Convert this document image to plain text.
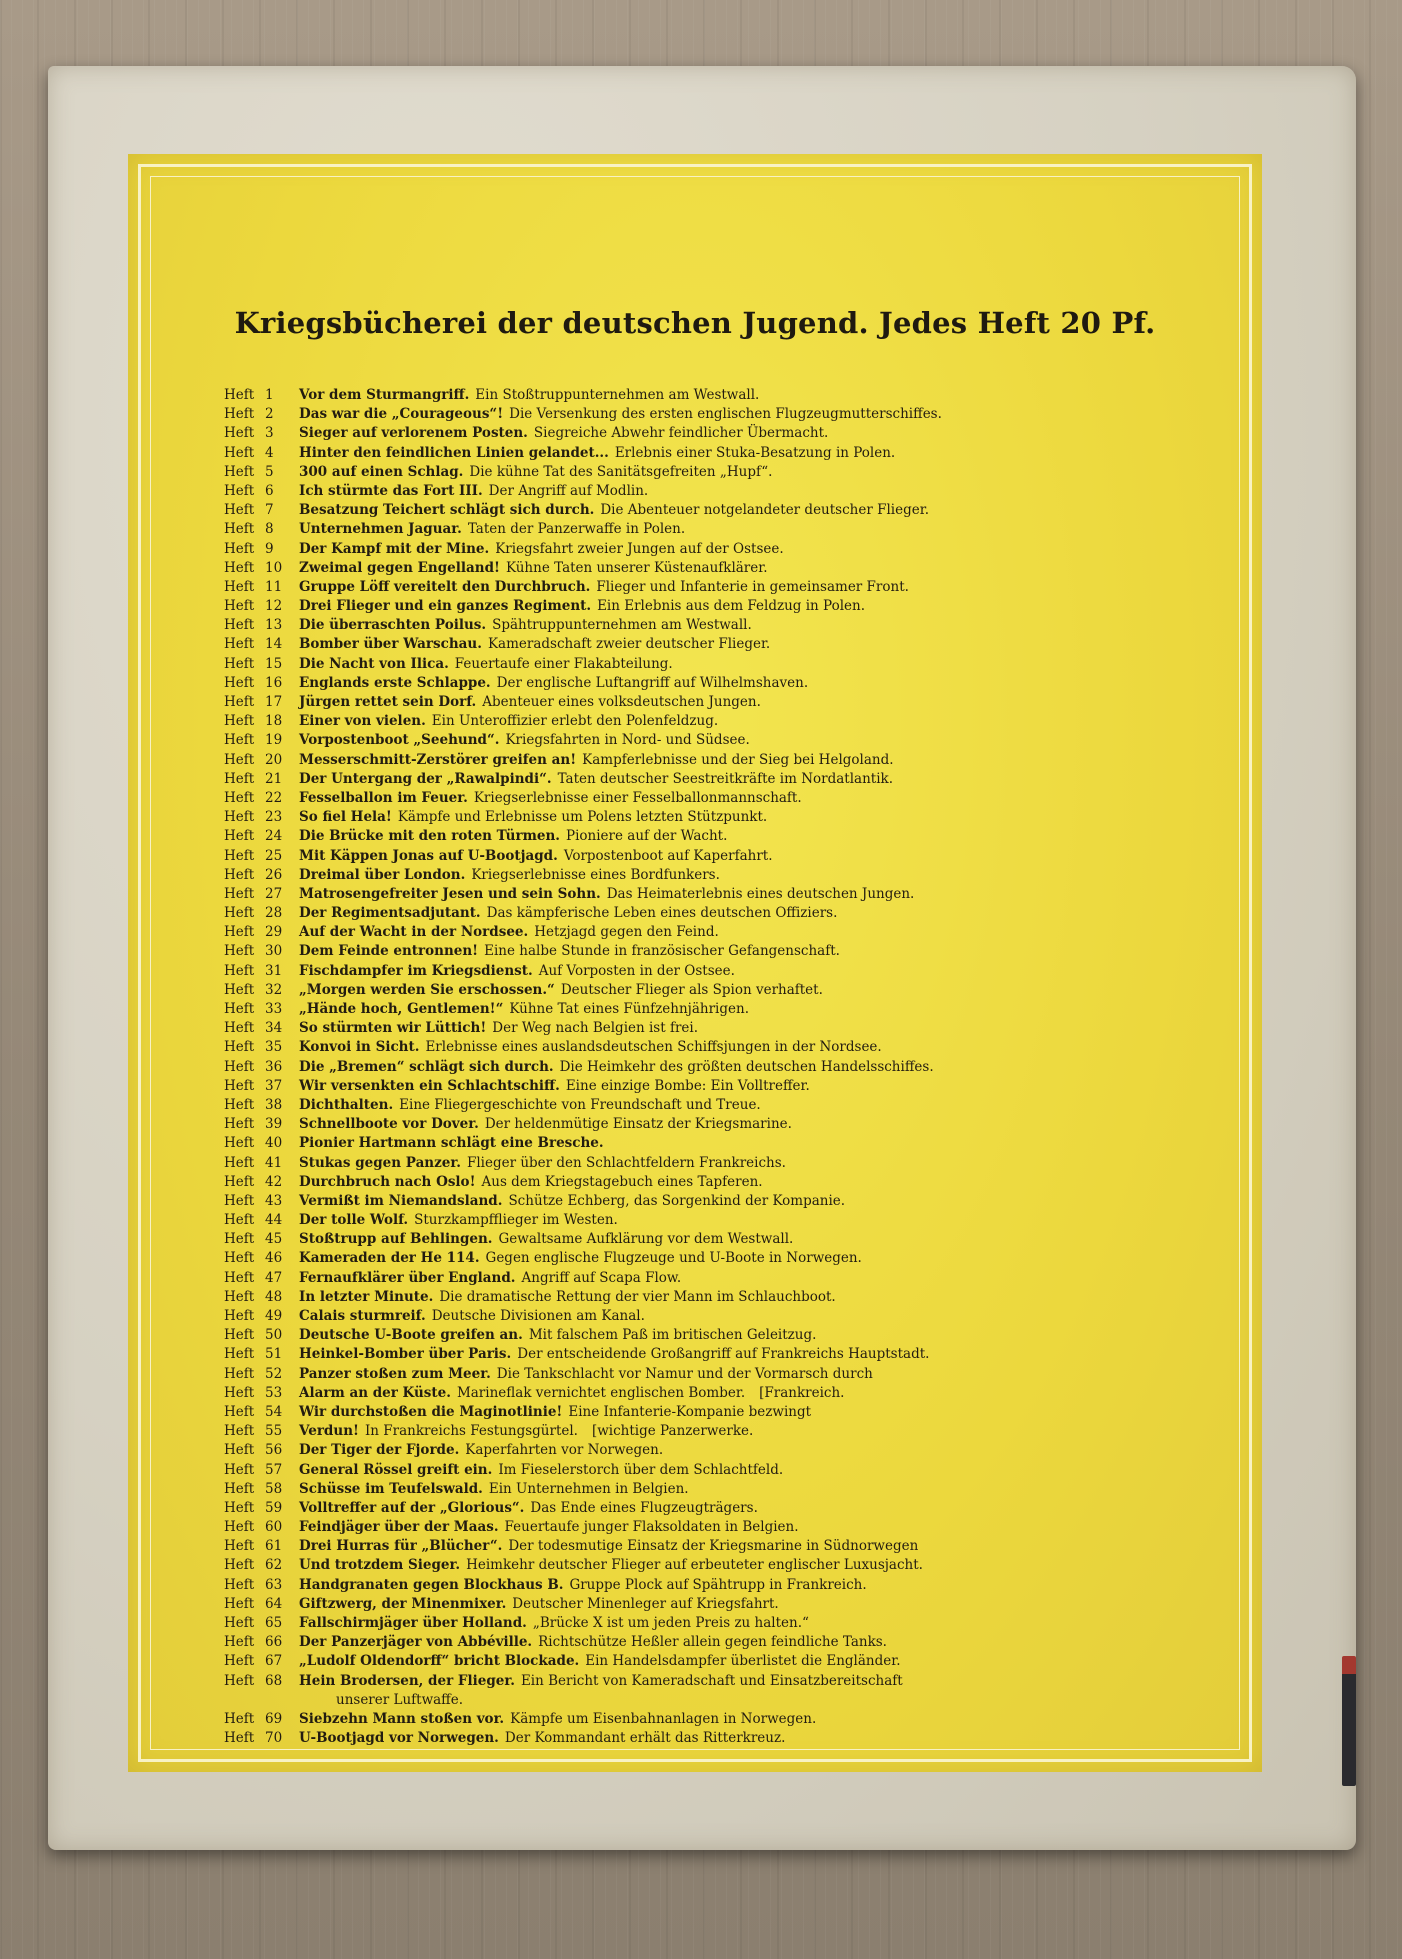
Kriegsbücherei der deutschen Jugend. Jedes Heft 20 Pf.
Heft 1 Vor dem Sturmangriff. Ein Stoßtruppunternehmen am Westwall.
Heft 2 Das war die „Courageous“! Die Versenkung des ersten englischen Flugzeugmutterschiffes.
Heft 3 Sieger auf verlorenem Posten. Siegreiche Abwehr feindlicher Übermacht.
Heft 4 Hinter den feindlichen Linien gelandet... Erlebnis einer Stuka-Besatzung in Polen.
Heft 5 300 auf einen Schlag. Die kühne Tat des Sanitätsgefreiten „Hupf“.
Heft 6 Ich stürmte das Fort III. Der Angriff auf Modlin.
Heft 7 Besatzung Teichert schlägt sich durch. Die Abenteuer notgelandeter deutscher Flieger.
Heft 8 Unternehmen Jaguar. Taten der Panzerwaffe in Polen.
Heft 9 Der Kampf mit der Mine. Kriegsfahrt zweier Jungen auf der Ostsee.
Heft 10 Zweimal gegen Engelland! Kühne Taten unserer Küstenaufklärer.
Heft 11 Gruppe Löff vereitelt den Durchbruch. Flieger und Infanterie in gemeinsamer Front.
Heft 12 Drei Flieger und ein ganzes Regiment. Ein Erlebnis aus dem Feldzug in Polen.
Heft 13 Die überraschten Poilus. Spähtruppunternehmen am Westwall.
Heft 14 Bomber über Warschau. Kameradschaft zweier deutscher Flieger.
Heft 15 Die Nacht von Ilica. Feuertaufe einer Flakabteilung.
Heft 16 Englands erste Schlappe. Der englische Luftangriff auf Wilhelmshaven.
Heft 17 Jürgen rettet sein Dorf. Abenteuer eines volksdeutschen Jungen.
Heft 18 Einer von vielen. Ein Unteroffizier erlebt den Polenfeldzug.
Heft 19 Vorpostenboot „Seehund“. Kriegsfahrten in Nord- und Südsee.
Heft 20 Messerschmitt-Zerstörer greifen an! Kampferlebnisse und der Sieg bei Helgoland.
Heft 21 Der Untergang der „Rawalpindi“. Taten deutscher Seestreitkräfte im Nordatlantik.
Heft 22 Fesselballon im Feuer. Kriegserlebnisse einer Fesselballonmannschaft.
Heft 23 So fiel Hela! Kämpfe und Erlebnisse um Polens letzten Stützpunkt.
Heft 24 Die Brücke mit den roten Türmen. Pioniere auf der Wacht.
Heft 25 Mit Käppen Jonas auf U-Bootjagd. Vorpostenboot auf Kaperfahrt.
Heft 26 Dreimal über London. Kriegserlebnisse eines Bordfunkers.
Heft 27 Matrosengefreiter Jesen und sein Sohn. Das Heimaterlebnis eines deutschen Jungen.
Heft 28 Der Regimentsadjutant. Das kämpferische Leben eines deutschen Offiziers.
Heft 29 Auf der Wacht in der Nordsee. Hetzjagd gegen den Feind.
Heft 30 Dem Feinde entronnen! Eine halbe Stunde in französischer Gefangenschaft.
Heft 31 Fischdampfer im Kriegsdienst. Auf Vorposten in der Ostsee.
Heft 32 „Morgen werden Sie erschossen.“ Deutscher Flieger als Spion verhaftet.
Heft 33 „Hände hoch, Gentlemen!“ Kühne Tat eines Fünfzehnjährigen.
Heft 34 So stürmten wir Lüttich! Der Weg nach Belgien ist frei.
Heft 35 Konvoi in Sicht. Erlebnisse eines auslandsdeutschen Schiffsjungen in der Nordsee.
Heft 36 Die „Bremen“ schlägt sich durch. Die Heimkehr des größten deutschen Handelsschiffes.
Heft 37 Wir versenkten ein Schlachtschiff. Eine einzige Bombe: Ein Volltreffer.
Heft 38 Dichthalten. Eine Fliegergeschichte von Freundschaft und Treue.
Heft 39 Schnellboote vor Dover. Der heldenmütige Einsatz der Kriegsmarine.
Heft 40 Pionier Hartmann schlägt eine Bresche.
Heft 41 Stukas gegen Panzer. Flieger über den Schlachtfeldern Frankreichs.
Heft 42 Durchbruch nach Oslo! Aus dem Kriegstagebuch eines Tapferen.
Heft 43 Vermißt im Niemandsland. Schütze Echberg, das Sorgenkind der Kompanie.
Heft 44 Der tolle Wolf. Sturzkampfflieger im Westen.
Heft 45 Stoßtrupp auf Behlingen. Gewaltsame Aufklärung vor dem Westwall.
Heft 46 Kameraden der He 114. Gegen englische Flugzeuge und U-Boote in Norwegen.
Heft 47 Fernaufklärer über England. Angriff auf Scapa Flow.
Heft 48 In letzter Minute. Die dramatische Rettung der vier Mann im Schlauchboot.
Heft 49 Calais sturmreif. Deutsche Divisionen am Kanal.
Heft 50 Deutsche U-Boote greifen an. Mit falschem Paß im britischen Geleitzug.
Heft 51 Heinkel-Bomber über Paris. Der entscheidende Großangriff auf Frankreichs Hauptstadt.
Heft 52 Panzer stoßen zum Meer. Die Tankschlacht vor Namur und der Vormarsch durch
Heft 53 Alarm an der Küste. Marineflak vernichtet englischen Bomber. [Frankreich.
Heft 54 Wir durchstoßen die Maginotlinie! Eine Infanterie-Kompanie bezwingt
Heft 55 Verdun! In Frankreichs Festungsgürtel. [wichtige Panzerwerke.
Heft 56 Der Tiger der Fjorde. Kaperfahrten vor Norwegen.
Heft 57 General Rössel greift ein. Im Fieselerstorch über dem Schlachtfeld.
Heft 58 Schüsse im Teufelswald. Ein Unternehmen in Belgien.
Heft 59 Volltreffer auf der „Glorious“. Das Ende eines Flugzeugträgers.
Heft 60 Feindjäger über der Maas. Feuertaufe junger Flaksoldaten in Belgien.
Heft 61 Drei Hurras für „Blücher“. Der todesmutige Einsatz der Kriegsmarine in Südnorwegen
Heft 62 Und trotzdem Sieger. Heimkehr deutscher Flieger auf erbeuteter englischer Luxusjacht.
Heft 63 Handgranaten gegen Blockhaus B. Gruppe Plock auf Spähtrupp in Frankreich.
Heft 64 Giftzwerg, der Minenmixer. Deutscher Minenleger auf Kriegsfahrt.
Heft 65 Fallschirmjäger über Holland. „Brücke X ist um jeden Preis zu halten.“
Heft 66 Der Panzerjäger von Abbéville. Richtschütze Heßler allein gegen feindliche Tanks.
Heft 67 „Ludolf Oldendorff“ bricht Blockade. Ein Handelsdampfer überlistet die Engländer.
Heft 68 Hein Brodersen, der Flieger. Ein Bericht von Kameradschaft und Einsatzbereitschaft
unserer Luftwaffe.
Heft 69 Siebzehn Mann stoßen vor. Kämpfe um Eisenbahnanlagen in Norwegen.
Heft 70 U-Bootjagd vor Norwegen. Der Kommandant erhält das Ritterkreuz.
